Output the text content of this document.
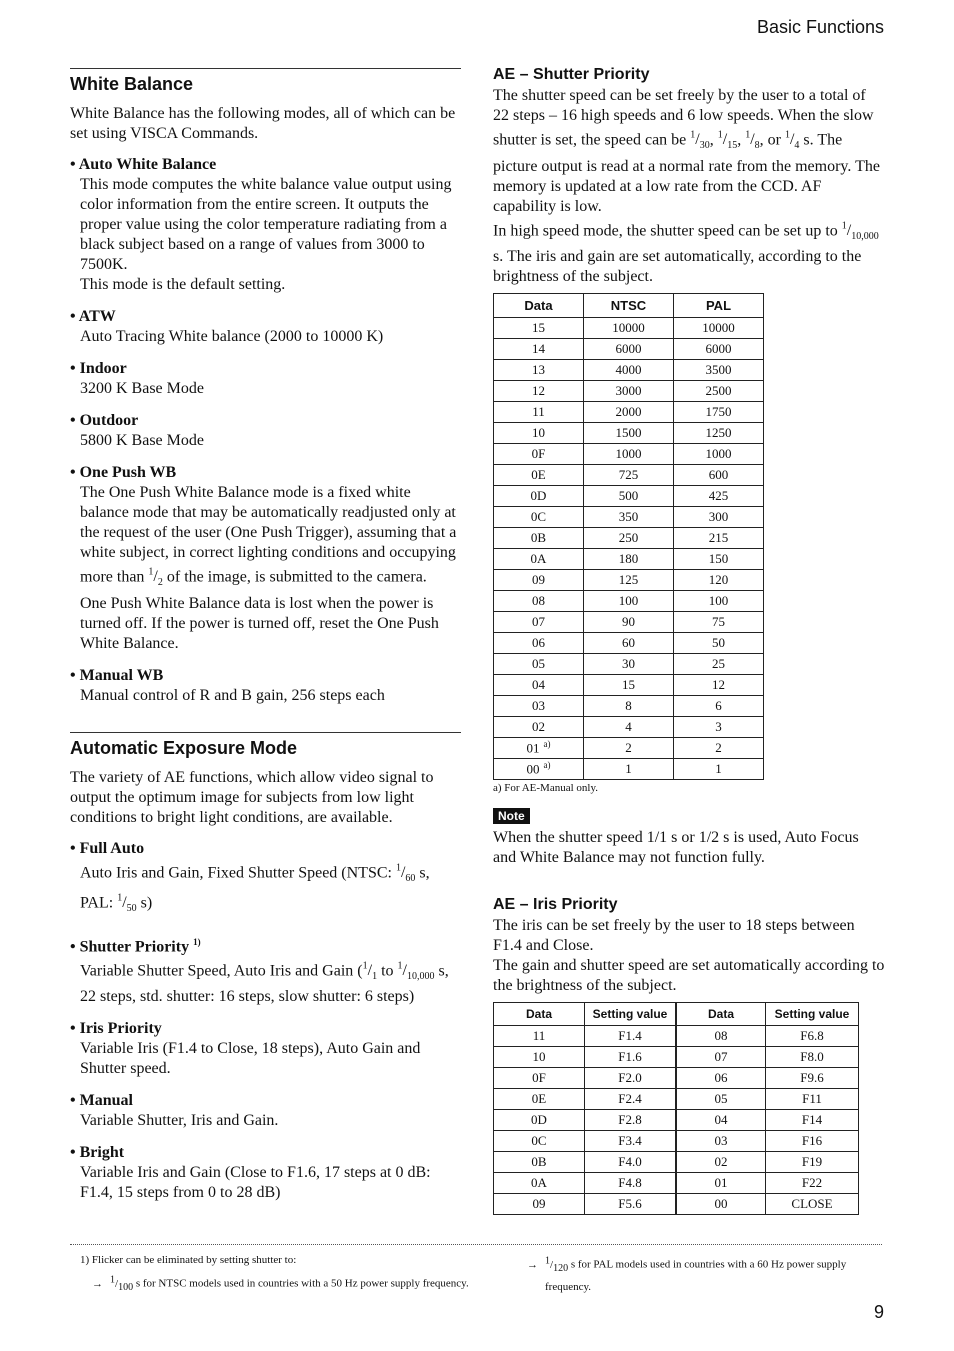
Basic Functions
White Balance

White Balance has the following modes, all of which can be set using VISCA Commands.

• Auto White Balance
This mode computes the white balance value output using color information from the entire screen. It outputs the proper value using the color temperature radiating from a black subject based on a range of values from 3000 to 7500K.
This mode is the default setting.
• ATW
Auto Tracing White balance (2000 to 10000 K)
• Indoor
3200 K Base Mode
• Outdoor
5800 K Base Mode
• One Push WB
The One Push White Balance mode is a fixed white balance mode that may be automatically readjusted only at the request of the user (One Push Trigger), assuming that a white subject, in correct lighting conditions and occupying more than $^1/_2$ of the image, is submitted to the camera.
One Push White Balance data is lost when the power is turned off. If the power is turned off, reset the One Push White Balance.
• Manual WB
Manual control of R and B gain, 256 steps each
Automatic Exposure Mode

The variety of AE functions, which allow video signal to output the optimum image for subjects from low light conditions to bright light conditions, are available.

• Full Auto
Auto Iris and Gain, Fixed Shutter Speed (NTSC: $^1/_{60}$ s, PAL: $^1/_{50}$ s)
• Shutter Priority $^{1)}$
Variable Shutter Speed, Auto Iris and Gain ($^1/_1$ to $^1/_{10,000}$ s, 22 steps, std. shutter: 16 steps, slow shutter: 6 steps)
• Iris Priority
Variable Iris (F1.4 to Close, 18 steps), Auto Gain and Shutter speed.
• Manual
Variable Shutter, Iris and Gain.
• Bright
Variable Iris and Gain (Close to F1.6, 17 steps at 0 dB: F1.4, 15 steps from 0 to 28 dB)
AE – Shutter Priority

The shutter speed can be set freely by the user to a total of 22 steps – 16 high speeds and 6 low speeds. When the slow shutter is set, the speed can be $^1/_{30}$, $^1/_{15}$, $^1/_8$, or $^1/_4$ s. The picture output is read at a normal rate from the memory. The memory is updated at a low rate from the CCD. AF capability is low.

In high speed mode, the shutter speed can be set up to $^1/_{10,000}$ s. The iris and gain are set automatically, according to the brightness of the subject.

Data	NTSC	PAL
15	10000	10000
14	6000	6000
13	4000	3500
12	3000	2500
11	2000	1750
10	1500	1250
0F	1000	1000
0E	725	600
0D	500	425
0C	350	300
0B	250	215
0A	180	150
09	125	120
08	100	100
07	90	75
06	60	50
05	30	25
04	15	12
03	8	6
02	4	3
01 $^{a)}$	2	2
00 $^{a)}$	1	1
a) For AE-Manual only.
Note

When the shutter speed 1/1 s or 1/2 s is used, Auto Focus and White Balance may not function fully.

AE – Iris Priority

The iris can be set freely by the user to 18 steps between F1.4 and Close.

The gain and shutter speed are set automatically according to the brightness of the subject.

Data	Setting value	Data	Setting value
11	F1.4	08	F6.8
10	F1.6	07	F8.0
0F	F2.0	06	F9.6
0E	F2.4	05	F11
0D	F2.8	04	F14
0C	F3.4	03	F16
0B	F4.0	02	F19
0A	F4.8	01	F22
09	F5.6	00	CLOSE
1) Flicker can be eliminated by setting shutter to:
→ $^1/_{100}$ s for NTSC models used in countries with a 50 Hz power supply frequency.
→ $^1/_{120}$ s for PAL models used in countries with a 60 Hz power supply frequency.
9
